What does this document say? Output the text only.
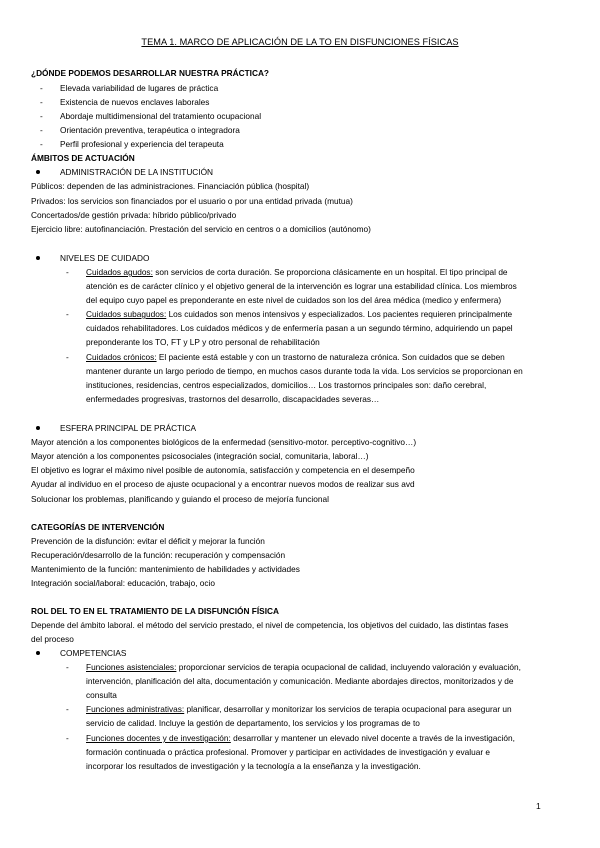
TEMA 1. MARCO DE APLICACIÓN DE LA TO EN DISFUNCIONES FÍSICAS
¿DÓNDE PODEMOS DESARROLLAR NUESTRA PRÁCTICA?
- Elevada variabilidad de lugares de práctica
- Existencia de nuevos enclaves laborales
- Abordaje multidimensional del tratamiento ocupacional
- Orientación preventiva, terapéutica o integradora
- Perfil profesional y experiencia del terapeuta
ÁMBITOS DE ACTUACIÓN
ADMINISTRACIÓN DE LA INSTITUCIÓN
Públicos: dependen de las administraciones. Financiación pública (hospital)
Privados: los servicios son financiados por el usuario o por una entidad privada (mutua)
Concertados/de gestión privada: híbrido público/privado
Ejercicio libre: autofinanciación. Prestación del servicio en centros o a domicilios (autónomo)
NIVELES DE CUIDADO
- Cuidados agudos: son servicios de corta duración. Se proporciona clásicamente en un hospital. El tipo principal de
atención es de carácter clínico y el objetivo general de la intervención es lograr una estabilidad clínica. Los miembros
del equipo cuyo papel es preponderante en este nivel de cuidados son los del área médica (medico y enfermera)
- Cuidados subagudos: Los cuidados son menos intensivos y especializados. Los pacientes requieren principalmente
cuidados rehabilitadores. Los cuidados médicos y de enfermería pasan a un segundo término, adquiriendo un papel
preponderante los TO, FT y LP y otro personal de rehabilitación
- Cuidados crónicos: El paciente está estable y con un trastorno de naturaleza crónica. Son cuidados que se deben
mantener durante un largo periodo de tiempo, en muchos casos durante toda la vida. Los servicios se proporcionan en
instituciones, residencias, centros especializados, domicilios… Los trastornos principales son: daño cerebral,
enfermedades progresivas, trastornos del desarrollo, discapacidades severas…
ESFERA PRINCIPAL DE PRÁCTICA
Mayor atención a los componentes biológicos de la enfermedad (sensitivo-motor. perceptivo-cognitivo…)
Mayor atención a los componentes psicosociales (integración social, comunitaria, laboral…)
El objetivo es lograr el máximo nivel posible de autonomía, satisfacción y competencia en el desempeño
Ayudar al individuo en el proceso de ajuste ocupacional y a encontrar nuevos modos de realizar sus avd
Solucionar los problemas, planificando y guiando el proceso de mejoría funcional
CATEGORÍAS DE INTERVENCIÓN
Prevención de la disfunción: evitar el déficit y mejorar la función
Recuperación/desarrollo de la función: recuperación y compensación
Mantenimiento de la función: mantenimiento de habilidades y actividades
Integración social/laboral: educación, trabajo, ocio
ROL DEL TO EN EL TRATAMIENTO DE LA DISFUNCIÓN FÍSICA
Depende del ámbito laboral. el método del servicio prestado, el nivel de competencia, los objetivos del cuidado, las distintas fases
del proceso
COMPETENCIAS
- Funciones asistenciales: proporcionar servicios de terapia ocupacional de calidad, incluyendo valoración y evaluación,
intervención, planificación del alta, documentación y comunicación. Mediante abordajes directos, monitorizados y de
consulta
- Funciones administrativas: planificar, desarrollar y monitorizar los servicios de terapia ocupacional para asegurar un
servicio de calidad. Incluye la gestión de departamento, los servicios y los programas de to
- Funciones docentes y de investigación: desarrollar y mantener un elevado nivel docente a través de la investigación,
formación continuada o práctica profesional. Promover y participar en actividades de investigación y evaluar e
incorporar los resultados de investigación y la tecnología a la enseñanza y la investigación.
1
